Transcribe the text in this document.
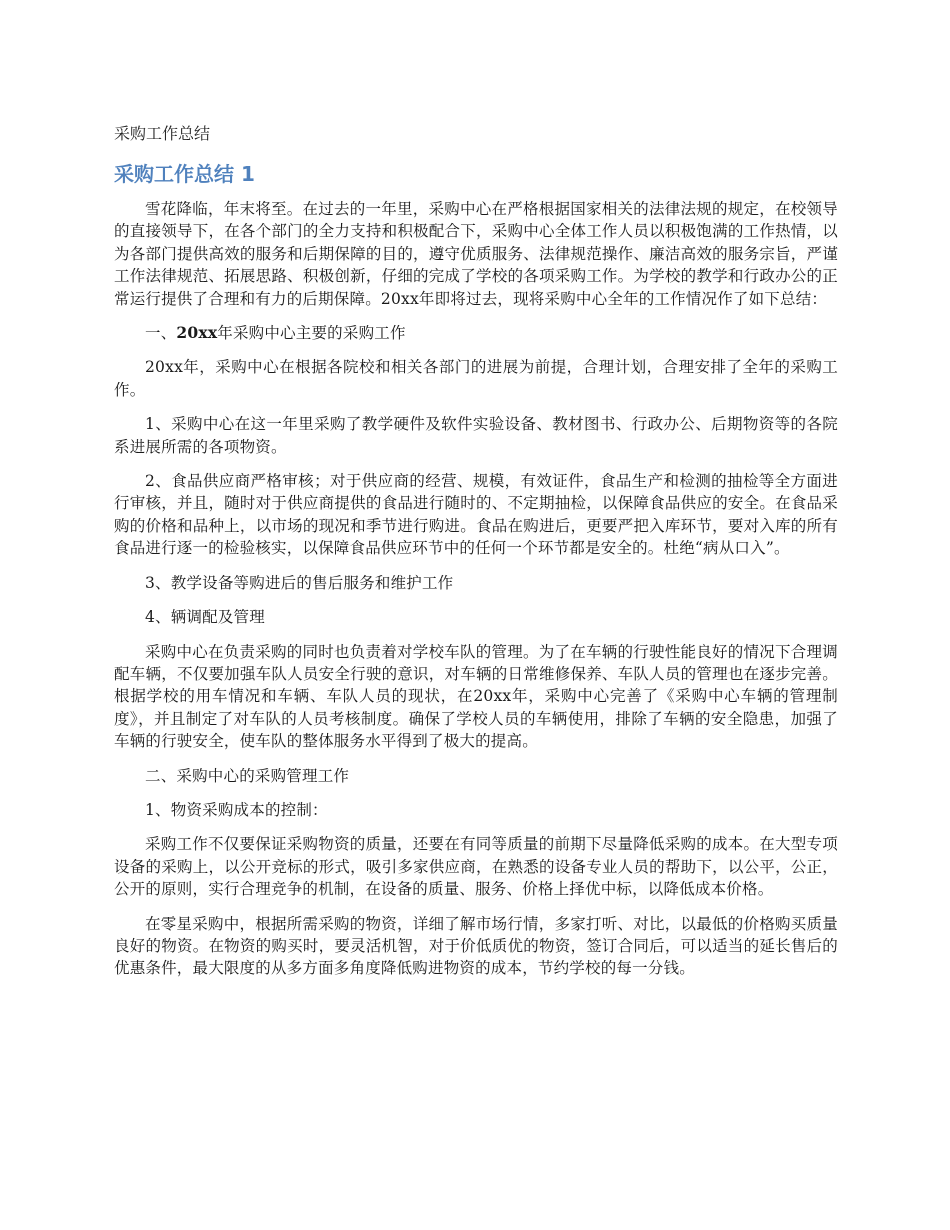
采购工作总结
采购工作总结 1

雪花降临，年末将至。在过去的一年里，采购中心在严格根据国家相关的法律法规的规定，在校领导的直接领导下，在各个部门的全力支持和积极配合下，采购中心全体工作人员以积极饱满的工作热情，以为各部门提供高效的服务和后期保障的目的，遵守优质服务、法律规范操作、廉洁高效的服务宗旨，严谨工作法律规范、拓展思路、积极创新，仔细的完成了学校的各项采购工作。为学校的教学和行政办公的正常运行提供了合理和有力的后期保障。20xx年即将过去，现将采购中心全年的工作情况作了如下总结：

一、20xx年采购中心主要的采购工作

20xx年，采购中心在根据各院校和相关各部门的进展为前提，合理计划，合理安排了全年的采购工作。

1、采购中心在这一年里采购了教学硬件及软件实验设备、教材图书、行政办公、后期物资等的各院系进展所需的各项物资。

2、食品供应商严格审核；对于供应商的经营、规模，有效证件，食品生产和检测的抽检等全方面进行审核，并且，随时对于供应商提供的食品进行随时的、不定期抽检，以保障食品供应的安全。在食品采购的价格和品种上，以市场的现况和季节进行购进。食品在购进后，更要严把入库环节，要对入库的所有食品进行逐一的检验核实，以保障食品供应环节中的任何一个环节都是安全的。杜绝“病从口入”。

3、教学设备等购进后的售后服务和维护工作

4、辆调配及管理

采购中心在负责采购的同时也负责着对学校车队的管理。为了在车辆的行驶性能良好的情况下合理调配车辆，不仅要加强车队人员安全行驶的意识，对车辆的日常维修保养、车队人员的管理也在逐步完善。根据学校的用车情况和车辆、车队人员的现状，在20xx年，采购中心完善了《采购中心车辆的管理制度》，并且制定了对车队的人员考核制度。确保了学校人员的车辆使用，排除了车辆的安全隐患，加强了车辆的行驶安全，使车队的整体服务水平得到了极大的提高。

二、采购中心的采购管理工作

1、物资采购成本的控制：

采购工作不仅要保证采购物资的质量，还要在有同等质量的前期下尽量降低采购的成本。在大型专项设备的采购上，以公开竞标的形式，吸引多家供应商，在熟悉的设备专业人员的帮助下，以公平，公正，公开的原则，实行合理竞争的机制，在设备的质量、服务、价格上择优中标，以降低成本价格。

在零星采购中，根据所需采购的物资，详细了解市场行情，多家打听、对比，以最低的价格购买质量良好的物资。在物资的购买时，要灵活机智，对于价低质优的物资，签订合同后，可以适当的延长售后的优惠条件，最大限度的从多方面多角度降低购进物资的成本，节约学校的每一分钱。
